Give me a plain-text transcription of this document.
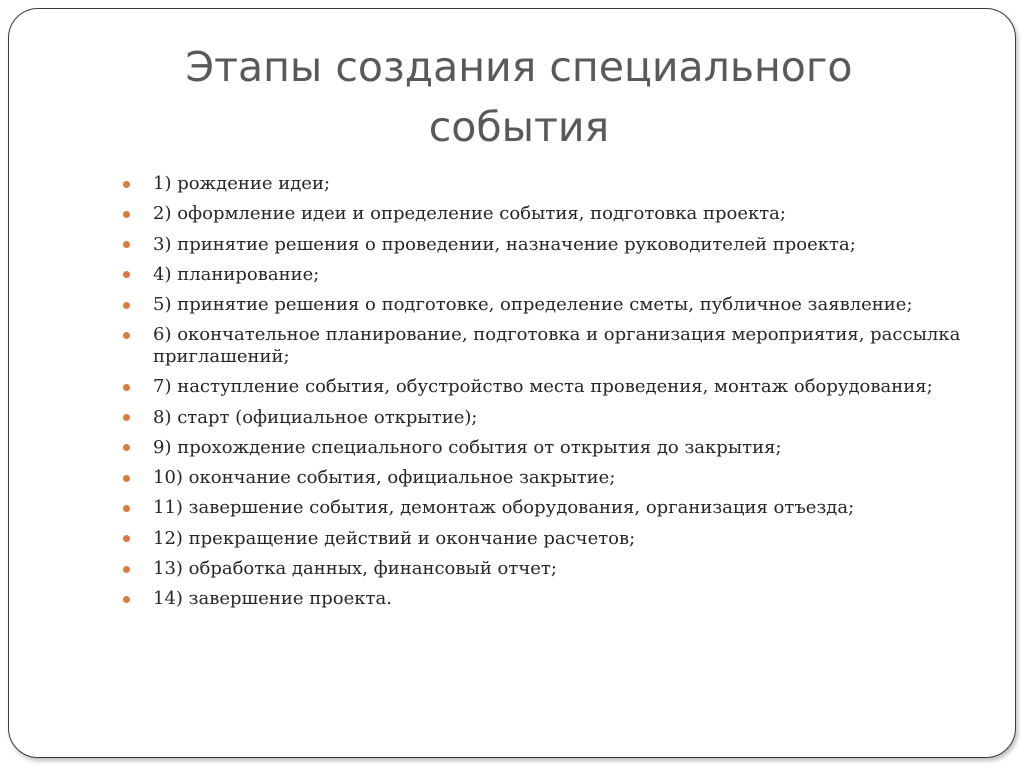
Этапы создания специального события
1) рождение идеи;
2) оформление идеи и определение события, подготовка проекта;
3) принятие решения о проведении, назначение руководителей проекта;
4) планирование;
5) принятие решения о подготовке, определение сметы, публичное заявление;
6) окончательное планирование, подготовка и организация мероприятия, рассылка приглашений;
7) наступление события, обустройство места проведения, монтаж оборудования;
8) старт (официальное открытие);
9) прохождение специального события от открытия до закрытия;
10) окончание события, официальное закрытие;
11) завершение события, демонтаж оборудования, организация отъезда;
12) прекращение действий и окончание расчетов;
13) обработка данных, финансовый отчет;
14) завершение проекта.
